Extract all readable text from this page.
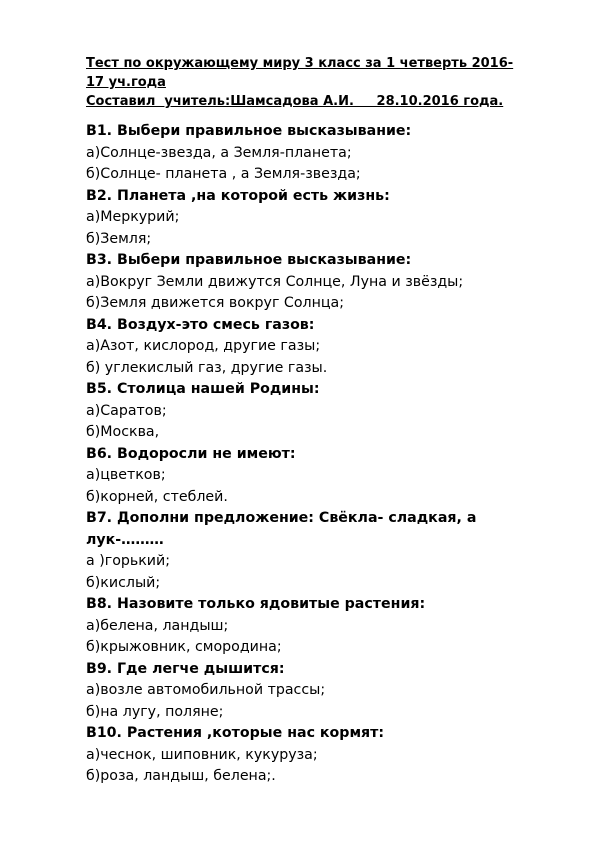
Тест по окружающему миру 3 класс за 1 четверть 2016-
17 уч.года
Составил  учитель:Шамсадова А.И.     28.10.2016 года.
В1. Выбери правильное высказывание:
а)Солнце-звезда, а Земля-планета;
б)Солнце- планета , а Земля-звезда;
В2. Планета ,на которой есть жизнь:
а)Меркурий;
б)Земля;
В3. Выбери правильное высказывание:
а)Вокруг Земли движутся Солнце, Луна и звёзды;
б)Земля движется вокруг Солнца;
В4. Воздух-это смесь газов:
а)Азот, кислород, другие газы;
б) углекислый газ, другие газы.
В5. Столица нашей Родины:
а)Саратов;
б)Москва,
В6. Водоросли не имеют:
а)цветков;
б)корней, стеблей.
В7. Дополни предложение: Свёкла- сладкая, а лук-………
а )горький;
б)кислый;
В8. Назовите только ядовитые растения:
а)белена, ландыш;
б)крыжовник, смородина;
В9. Где легче дышится:
а)возле автомобильной трассы;
б)на лугу, поляне;
В10. Растения ,которые нас кормят:
а)чеснок, шиповник, кукуруза;
б)роза, ландыш, белена;.
